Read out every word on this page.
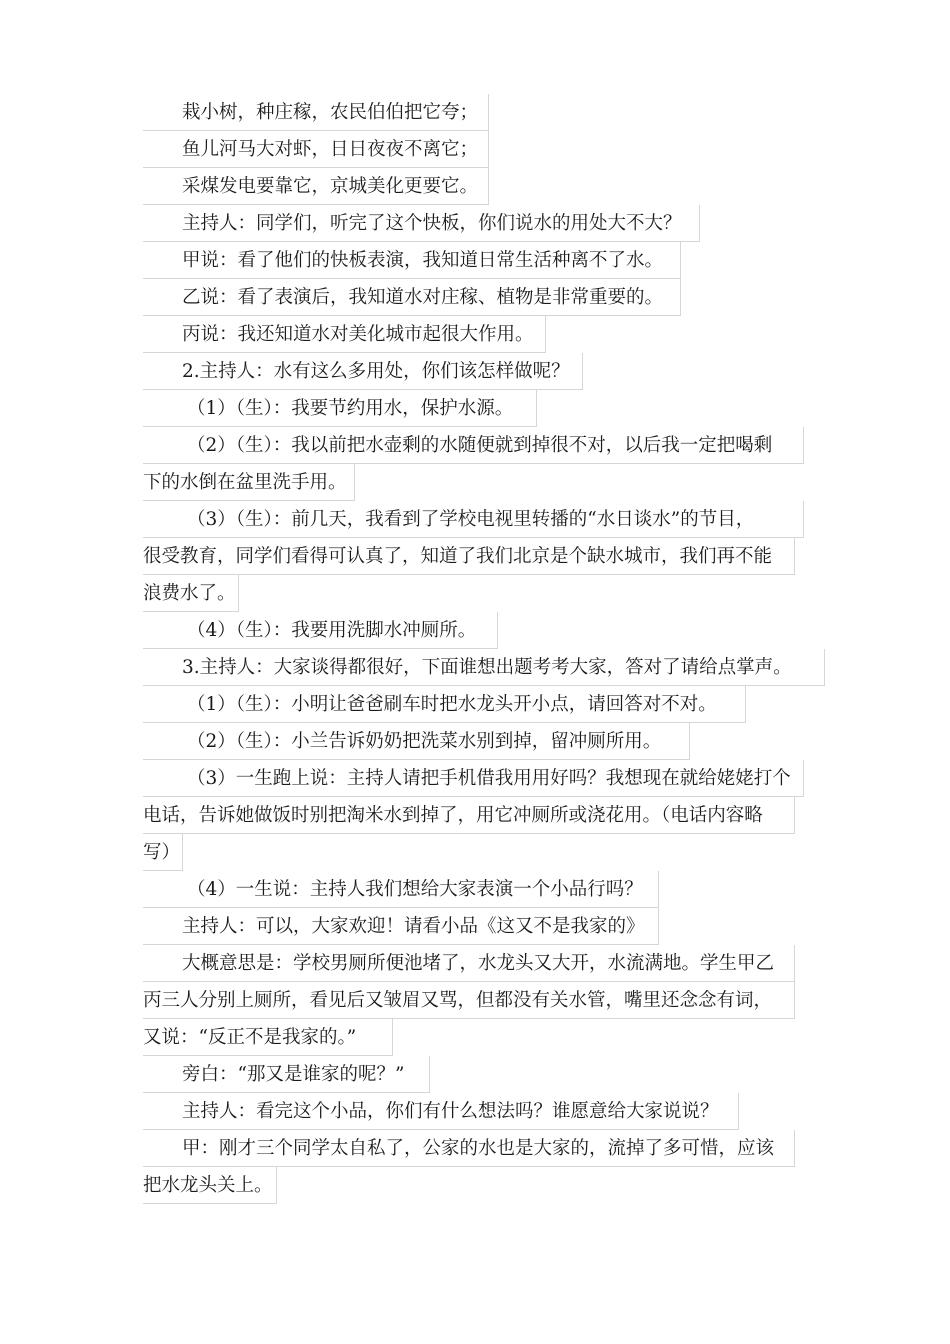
栽小树，种庄稼，农民伯伯把它夸；
鱼儿河马大对虾，日日夜夜不离它；
采煤发电要靠它，京城美化更要它。
主持人：同学们，听完了这个快板，你们说水的用处大不大？
甲说：看了他们的快板表演，我知道日常生活种离不了水。
乙说：看了表演后，我知道水对庄稼、植物是非常重要的。
丙说：我还知道水对美化城市起很大作用。
2.主持人：水有这么多用处，你们该怎样做呢？
（1）（生）：我要节约用水，保护水源。
（2）（生）：我以前把水壶剩的水随便就到掉很不对，以后我一定把喝剩
下的水倒在盆里洗手用。
（3）（生）：前几天，我看到了学校电视里转播的“水日谈水”的节目，
很受教育，同学们看得可认真了，知道了我们北京是个缺水城市，我们再不能
浪费水了。
（4）（生）：我要用洗脚水冲厕所。
3.主持人：大家谈得都很好，下面谁想出题考考大家，答对了请给点掌声。
（1）（生）：小明让爸爸刷车时把水龙头开小点，请回答对不对。
（2）（生）：小兰告诉奶奶把洗菜水别到掉，留冲厕所用。
（3）一生跑上说：主持人请把手机借我用用好吗？我想现在就给姥姥打个
电话，告诉她做饭时别把淘米水到掉了，用它冲厕所或浇花用。（电话内容略
写）
（4）一生说：主持人我们想给大家表演一个小品行吗？
主持人：可以，大家欢迎！请看小品《这又不是我家的》
大概意思是：学校男厕所便池堵了，水龙头又大开，水流满地。学生甲乙
丙三人分别上厕所，看见后又皱眉又骂，但都没有关水管，嘴里还念念有词，
又说：“反正不是我家的。”
旁白：“那又是谁家的呢？”
主持人：看完这个小品，你们有什么想法吗？谁愿意给大家说说？
甲：刚才三个同学太自私了，公家的水也是大家的，流掉了多可惜，应该
把水龙头关上。
